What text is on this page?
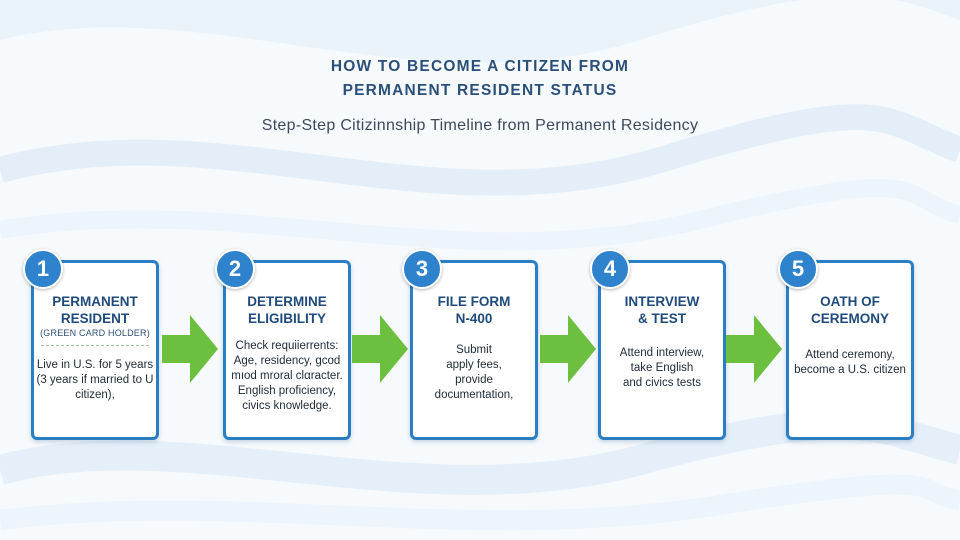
HOW TO BECOME A CITIZEN FROM
PERMANENT RESIDENT STATUS
Step-Step Citizinnship Timeline from Permanent Residency
PERMANENT
RESIDENT
(GREEN CARD HOLDER)
Live in U.S. for 5 years
(3 years if married to U
citizen),
1
DETERMINE
ELIGIBILITY
Check requiierrents:
Age, residency, gcod
mıod mroral clαracter.
English proficiency,
civics knowledge.
2
FILE FORM
N-400
Submit
apply fees,
provide
documentation,
3
INTERVIEW
& TEST
Attend interview,
take English
and civics tests
4
OATH OF
CEREMONY
Attend ceremony,
become a U.S. citizen
5
